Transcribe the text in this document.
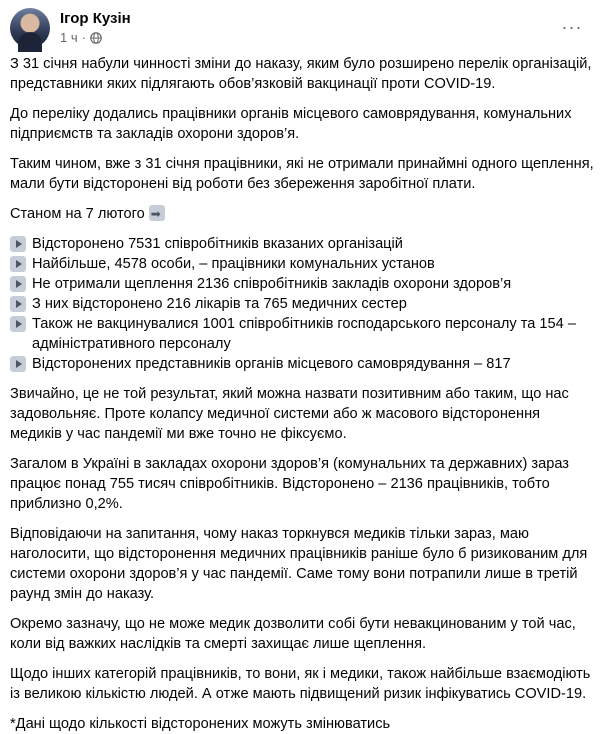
Ігор Кузін
1 ч ·
···

З 31 січня набули чинності зміни до наказу, яким було розширено перелік організацій, представники яких підлягають обов’язковій вакцинації проти COVID-19.

До переліку додались працівники органів місцевого самоврядування, комунальних підприємств та закладів охорони здоров’я.

Таким чином, вже з 31 січня працівники, які не отримали принаймні одного щеплення, мали бути відсторонені від роботи без збереження заробітної плати.

Станом на 7 лютого➡

Відсторонено 7531 співробітників вказаних організацій
Найбільше, 4578 особи, – працівники комунальних установ
Не отримали щеплення 2136 співробітників закладів охорони здоров’я
З них відсторонено 216 лікарів та 765 медичних сестер
Також не вакцинувалися 1001 співробітників господарського персоналу та 154 – адміністративного персоналу
Відсторонених представників органів місцевого самоврядування – 817

Звичайно, це не той результат, який можна назвати позитивним або таким, що нас задовольняє. Проте колапсу медичної системи або ж масового відсторонення медиків у час пандемії ми вже точно не фіксуємо.

Загалом в Україні в закладах охорони здоров’я (комунальних та державних) зараз працює понад 755 тисяч співробітників. Відсторонено – 2136 працівників, тобто приблизно 0,2%.

Відповідаючи на запитання, чому наказ торкнувся медиків тільки зараз, маю наголосити, що відсторонення медичних працівників раніше було б ризикованим для системи охорони здоров’я у час пандемії. Саме тому вони потрапили лише в третій раунд змін до наказу.

Окремо зазначу, що не може медик дозволити собі бути невакцинованим у той час, коли від важких наслідків та смерті захищає лише щеплення.

Щодо інших категорій працівників, то вони, як і медики, також найбільше взаємодіють із великою кількістю людей. А отже мають підвищений ризик інфікуватись COVID-19.

*Дані щодо кількості відсторонених можуть змінюватись
